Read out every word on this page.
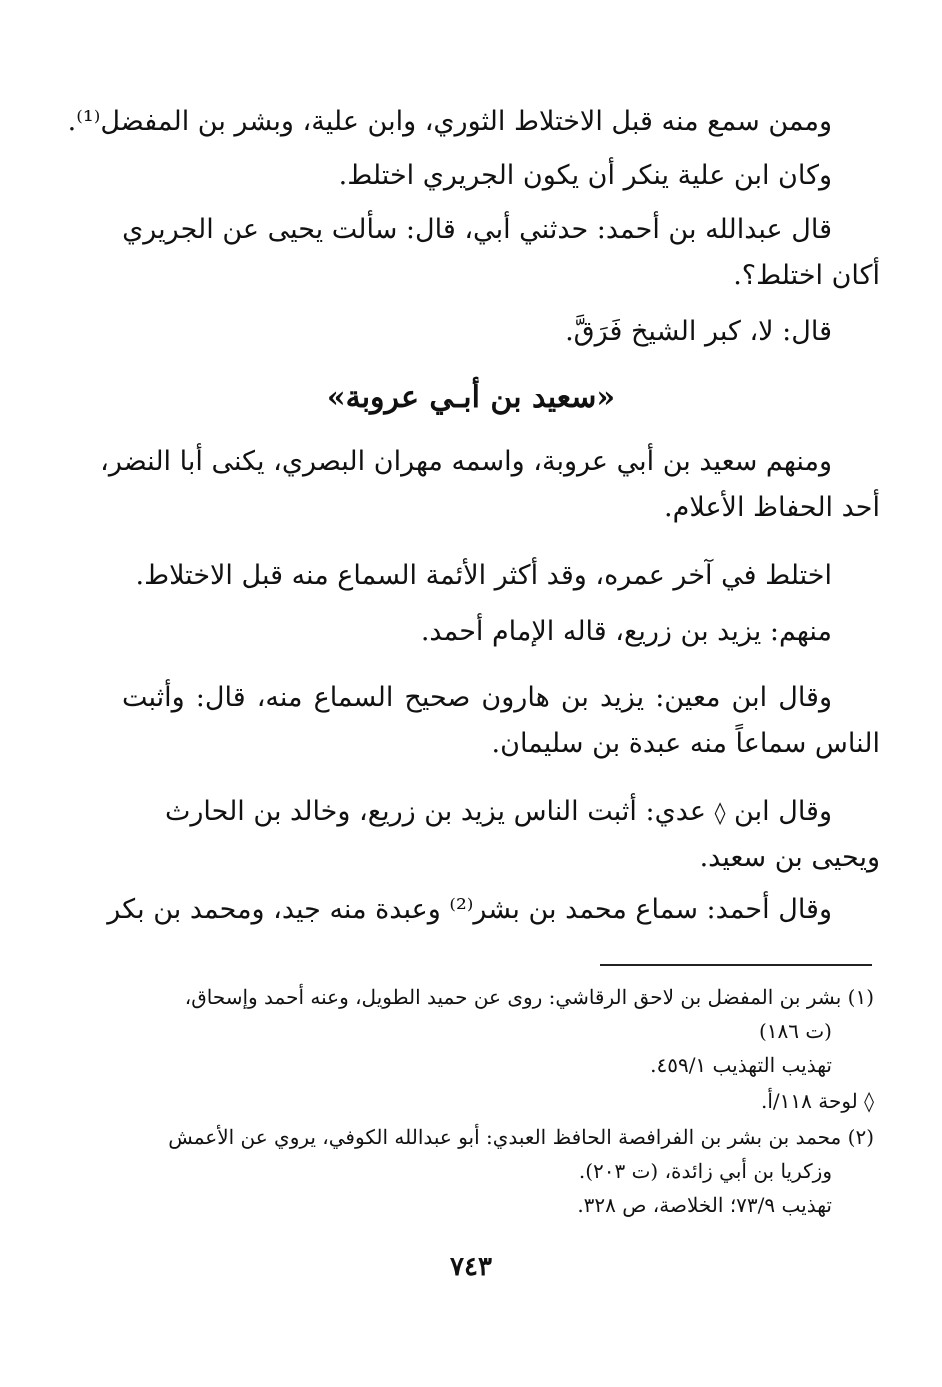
وممن سمع منه قبل الاختلاط الثوري، وابن علية، وبشر بن المفضل⁽¹⁾.
وكان ابن علية ينكر أن يكون الجريري اختلط.
قال عبدالله بن أحمد: حدثني أبي، قال: سألت يحيى عن الجريري
أكان اختلط؟.
قال: لا، كبر الشيخ فَرَقَّ.
«سعيد بن أبـي عروبة»
ومنهم سعيد بن أبي عروبة، واسمه مهران البصري، يكنى أبا النضر،
أحد الحفاظ الأعلام.
اختلط في آخر عمره، وقد أكثر الأئمة السماع منه قبل الاختلاط.
منهم: يزيد بن زريع، قاله الإمام أحمد.
وقال ابن معين: يزيد بن هارون صحيح السماع منه، قال: وأثبت
الناس سماعاً منه عبدة بن سليمان.
وقال ابن ◊ عدي: أثبت الناس يزيد بن زريع، وخالد بن الحارث
ويحيى بن سعيد.
وقال أحمد: سماع محمد بن بشر⁽²⁾ وعبدة منه جيد، ومحمد بن بكر
(١) بشر بن المفضل بن لاحق الرقاشي: روى عن حميد الطويل، وعنه أحمد وإسحاق،
(ت ١٨٦)
تهذيب التهذيب ٤٥٩/١.
◊ لوحة ١١٨/أ.
(٢) محمد بن بشر بن الفرافصة الحافظ العبدي: أبو عبدالله الكوفي، يروي عن الأعمش
وزكريا بن أبي زائدة، (ت ٢٠٣).
تهذيب ٧٣/٩؛ الخلاصة، ص ٣٢٨.
٧٤٣
